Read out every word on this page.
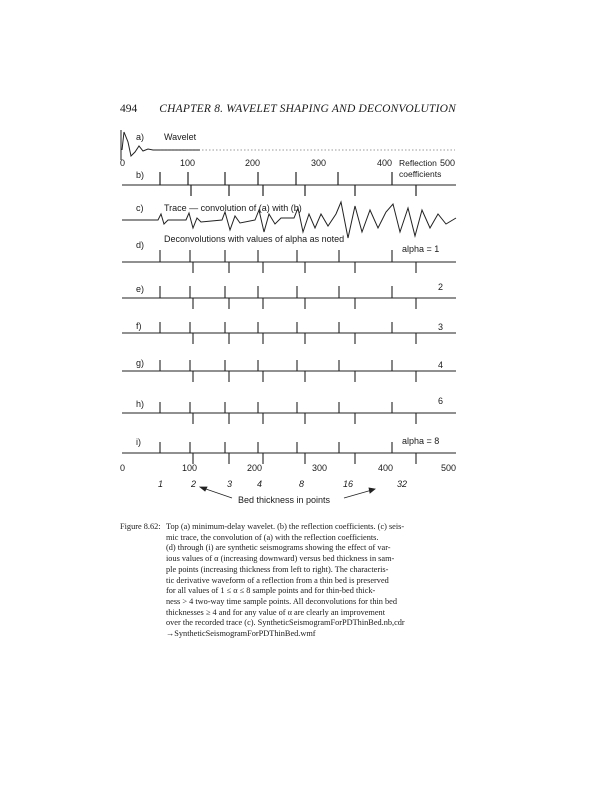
494 CHAPTER 8. WAVELET SHAPING AND DECONVOLUTION
0	100	200	300	400	500
a) Wavelet
b)
Reflection
coefficients
c) Trace — convolution of (a) with (b)
d)
Deconvolutions with values of alpha as noted
alpha = 1
e)	2
f)	3
g)	4
h)	6
i)	alpha = 8
0	100	200	300	400	500
1	2	3	4	8	16	32
Bed thickness in points
Figure 8.62: Top (a) minimum-delay wavelet. (b) the reflection coefficients. (c) seis-

mic trace, the convolution of (a) with the reflection coefficients.

(d) through (i) are synthetic seismograms showing the effect of var-

ious values of α (increasing downward) versus bed thickness in sam-

ple points (increasing thickness from left to right). The characteris-

tic derivative waveform of a reflection from a thin bed is preserved

for all values of 1 ≤ α ≤ 8 sample points and for thin-bed thick-

ness > 4 two-way time sample points. All deconvolutions for thin bed

thicknesses ≥ 4 and for any value of α are clearly an improvement

over the recorded trace (c). SyntheticSeismogramForPDThinBed.nb,cdr

→SyntheticSeismogramForPDThinBed.wmf
